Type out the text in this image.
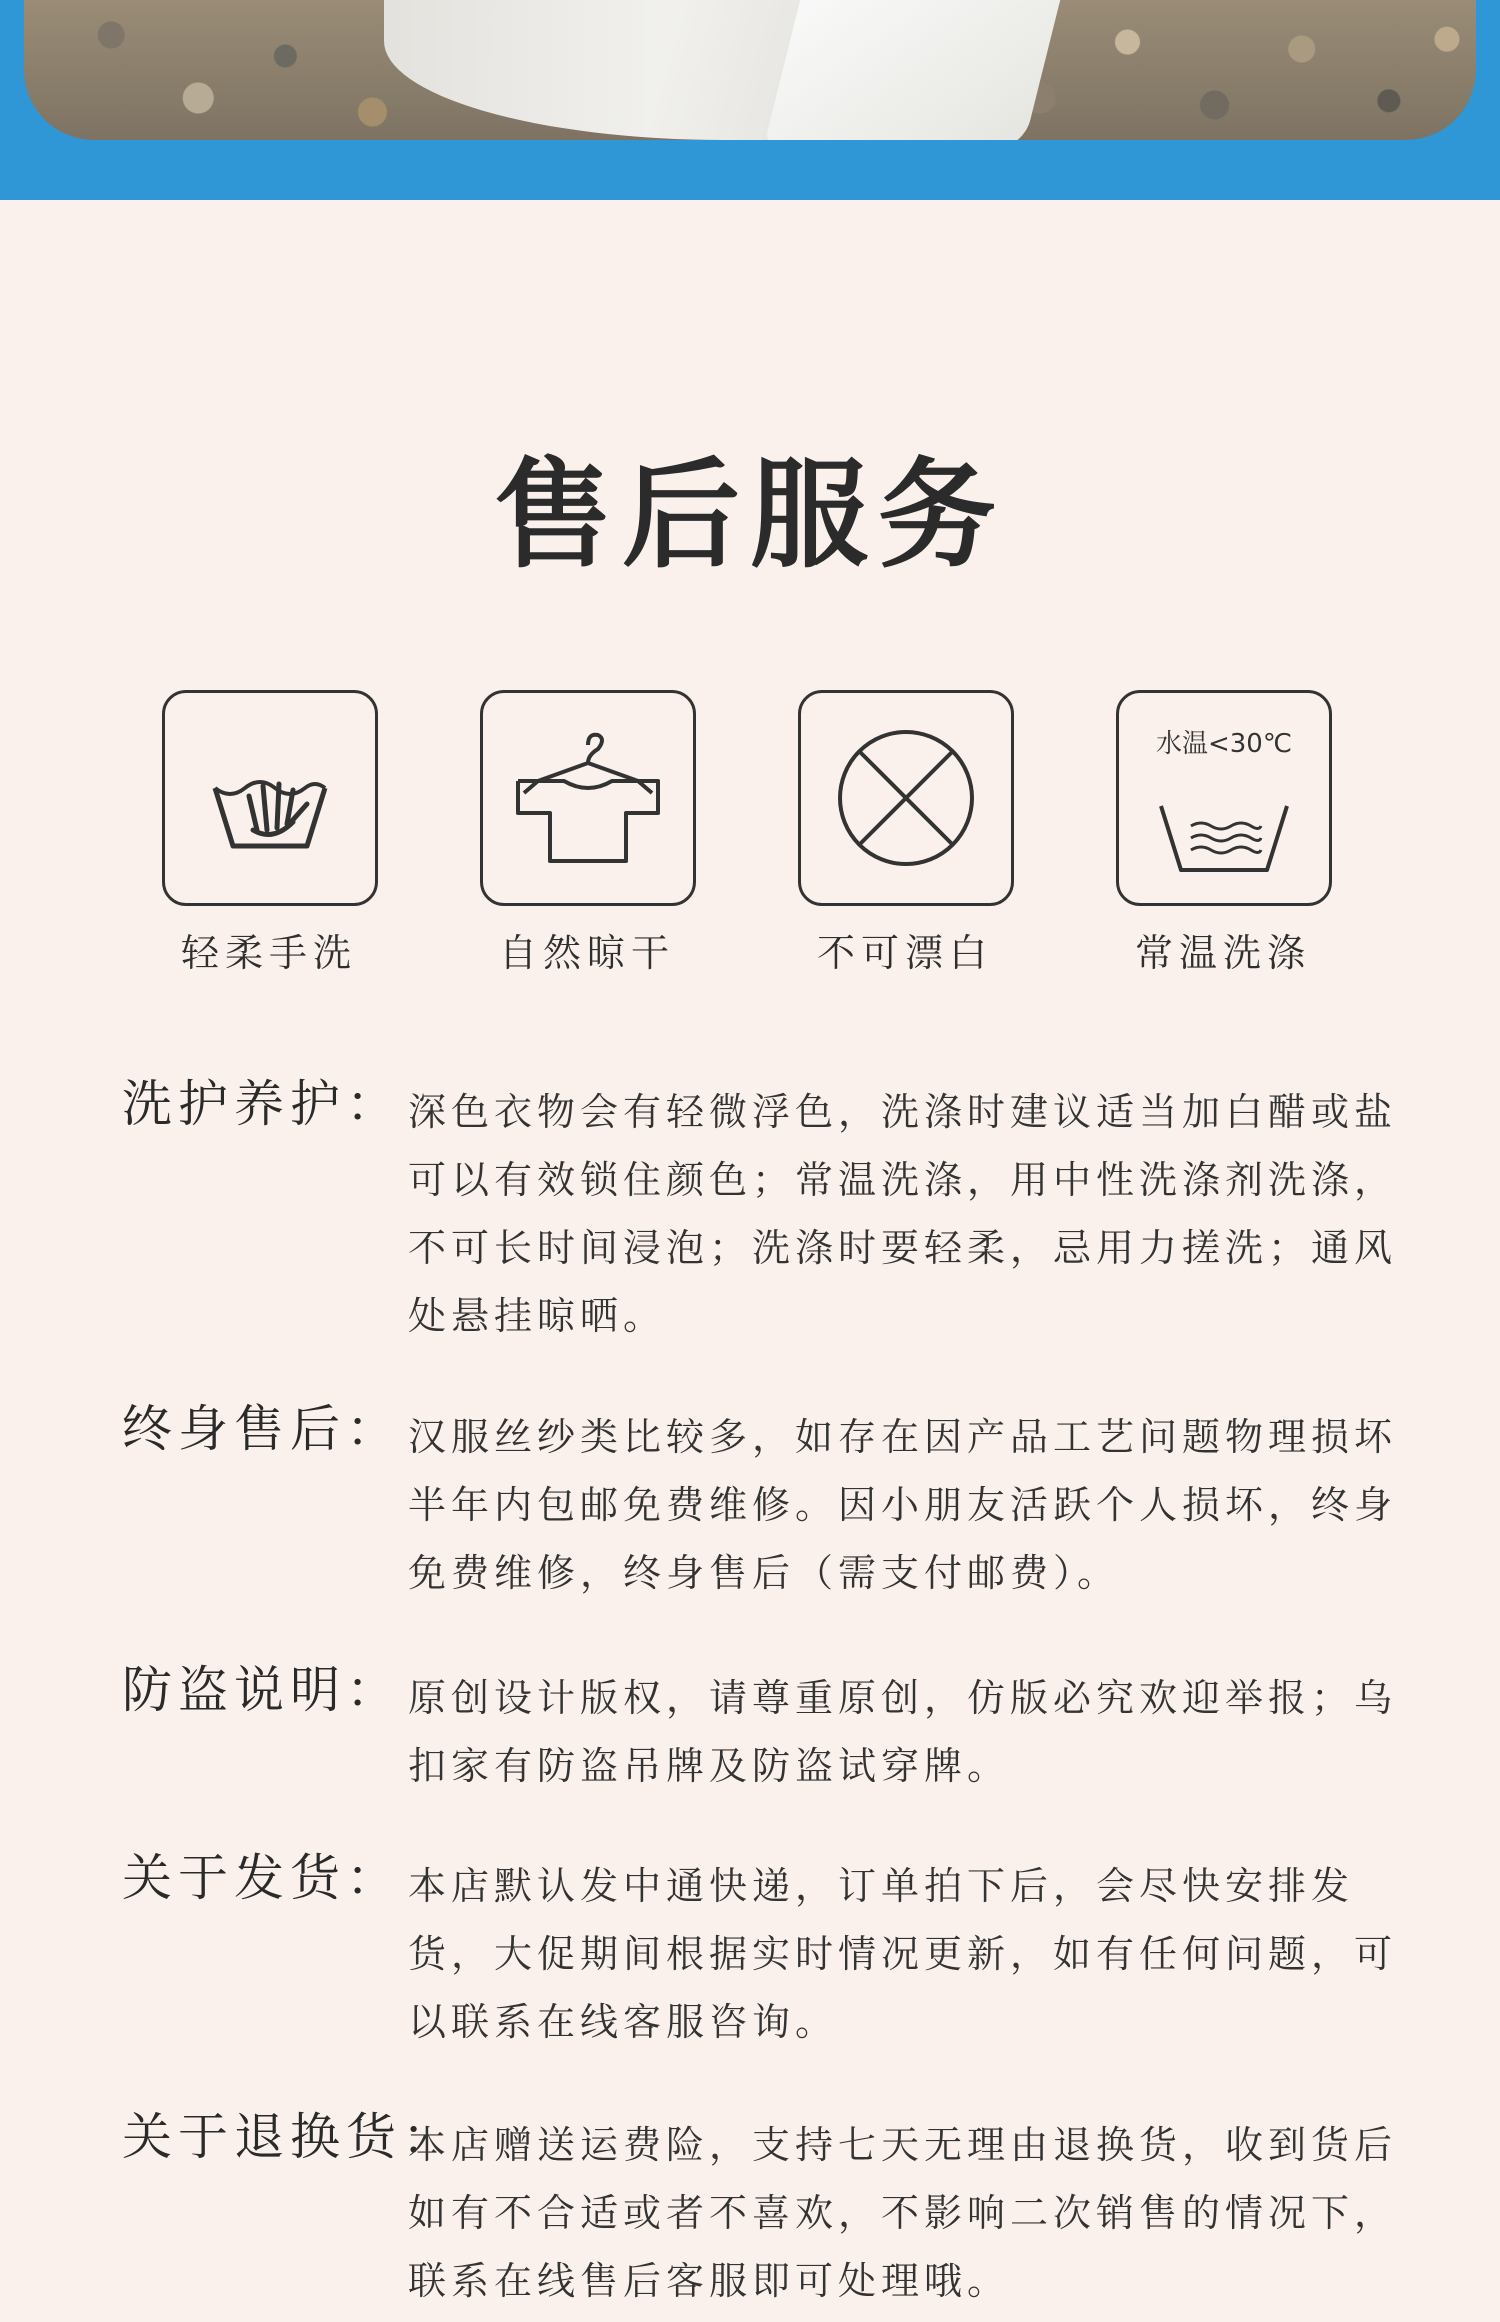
售后服务
轻柔手洗	自然晾干	不可漂白
水温<30℃
常温洗涤
洗护养护： 深色衣物会有轻微浮色，洗涤时建议适当加白醋或盐可以有效锁住颜色；常温洗涤，用中性洗涤剂洗涤，不可长时间浸泡；洗涤时要轻柔，忌用力搓洗；通风处悬挂晾晒。
终身售后： 汉服丝纱类比较多，如存在因产品工艺问题物理损坏半年内包邮免费维修。因小朋友活跃个人损坏，终身免费维修，终身售后（需支付邮费）。
防盗说明： 原创设计版权，请尊重原创，仿版必究欢迎举报；乌扣家有防盗吊牌及防盗试穿牌。
关于发货： 本店默认发中通快递，订单拍下后，会尽快安排发货，大促期间根据实时情况更新，如有任何问题，可以联系在线客服咨询。
关于退换货：
本店赠送运费险，支持七天无理由退换货，收到货后如有不合适或者不喜欢，不影响二次销售的情况下，联系在线售后客服即可处理哦。
